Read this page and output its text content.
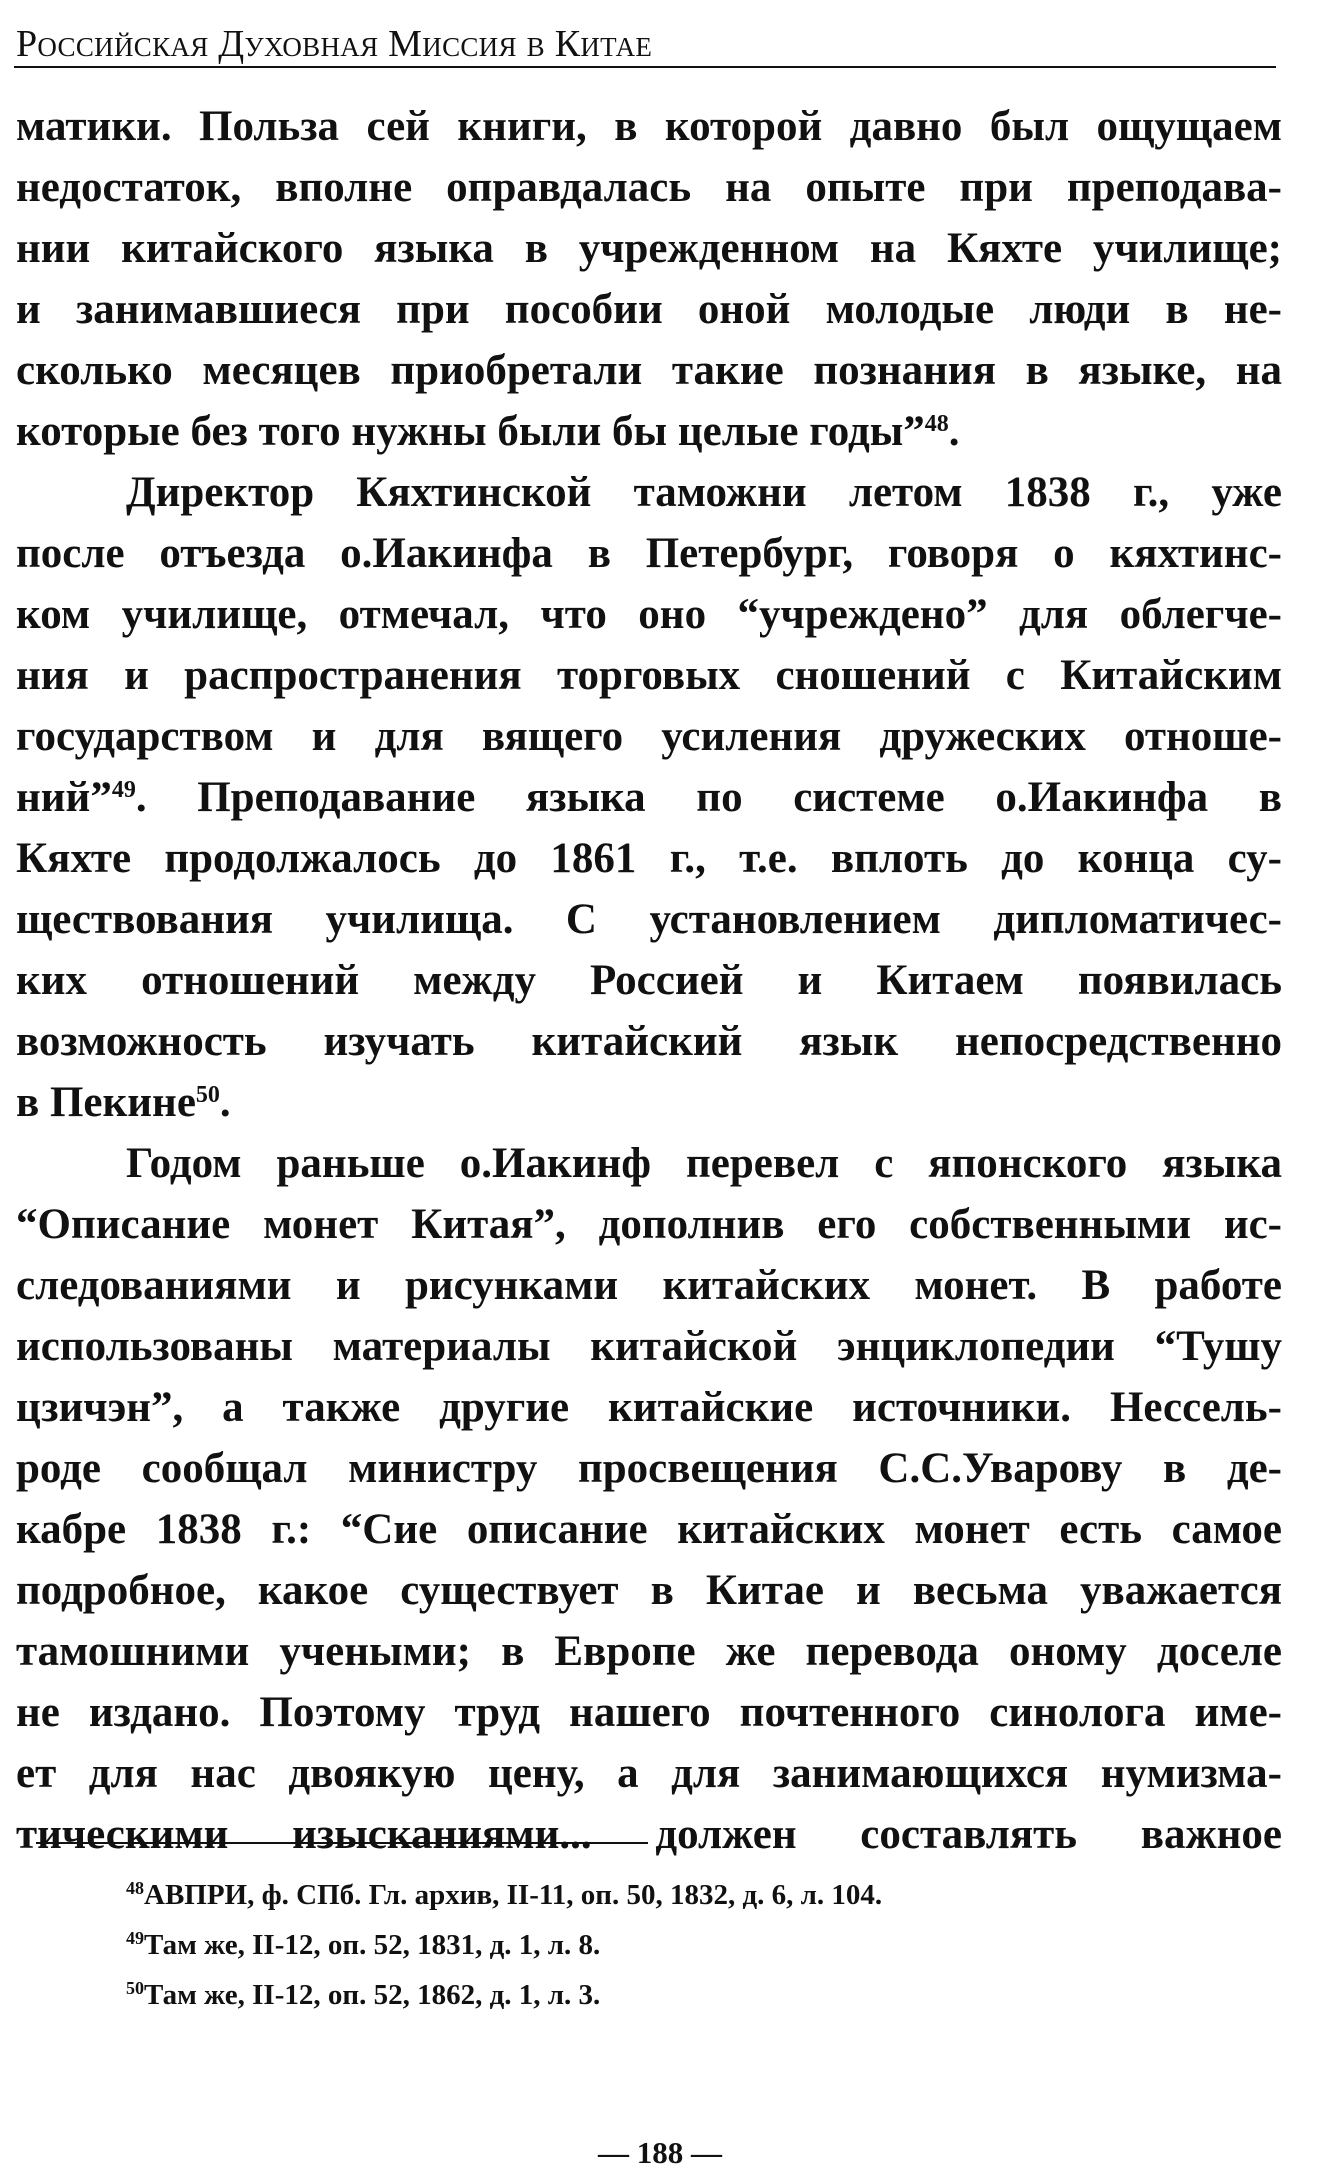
Российская Духовная Миссия в Китае
матики. Польза сей книги, в которой давно был ощущаем
недостаток, вполне оправдалась на опыте при преподава-
нии китайского языка в учрежденном на Кяхте училище;
и занимавшиеся при пособии оной молодые люди в не-
сколько месяцев приобретали такие познания в языке, на
которые без того нужны были бы целые годы”$^{48}$.
Директор Кяхтинской таможни летом 1838 г., уже
после отъезда о.Иакинфа в Петербург, говоря о кяхтинс-
ком училище, отмечал, что оно “учреждено” для облегче-
ния и распространения торговых сношений с Китайским
государством и для вящего усиления дружеских отноше-
ний”$^{49}$. Преподавание языка по системе о.Иакинфа в
Кяхте продолжалось до 1861 г., т.е. вплоть до конца су-
ществования училища. С установлением дипломатичес-
ких отношений между Россией и Китаем появилась
возможность изучать китайский язык непосредственно
в Пекине$^{50}$.
Годом раньше о.Иакинф перевел с японского языка
“Описание монет Китая”, дополнив его собственными ис-
следованиями и рисунками китайских монет. В работе
использованы материалы китайской энциклопедии “Тушу
цзичэн”, а также другие китайские источники. Нессель-
роде сообщал министру просвещения С.С.Уварову в де-
кабре 1838 г.: “Сие описание китайских монет есть самое
подробное, какое существует в Китае и весьма уважается
тамошними учеными; в Европе же перевода оному доселе
не издано. Поэтому труд нашего почтенного синолога име-
ет для нас двоякую цену, а для занимающихся нумизма-
тическими изысканиями... должен составлять важное
$^{48}$АВПРИ, ф. СПб. Гл. архив, II-11, оп. 50, 1832, д. 6, л. 104.
$^{49}$Там же, II-12, оп. 52, 1831, д. 1, л. 8.
$^{50}$Там же, II-12, оп. 52, 1862, д. 1, л. 3.
— 188 —
